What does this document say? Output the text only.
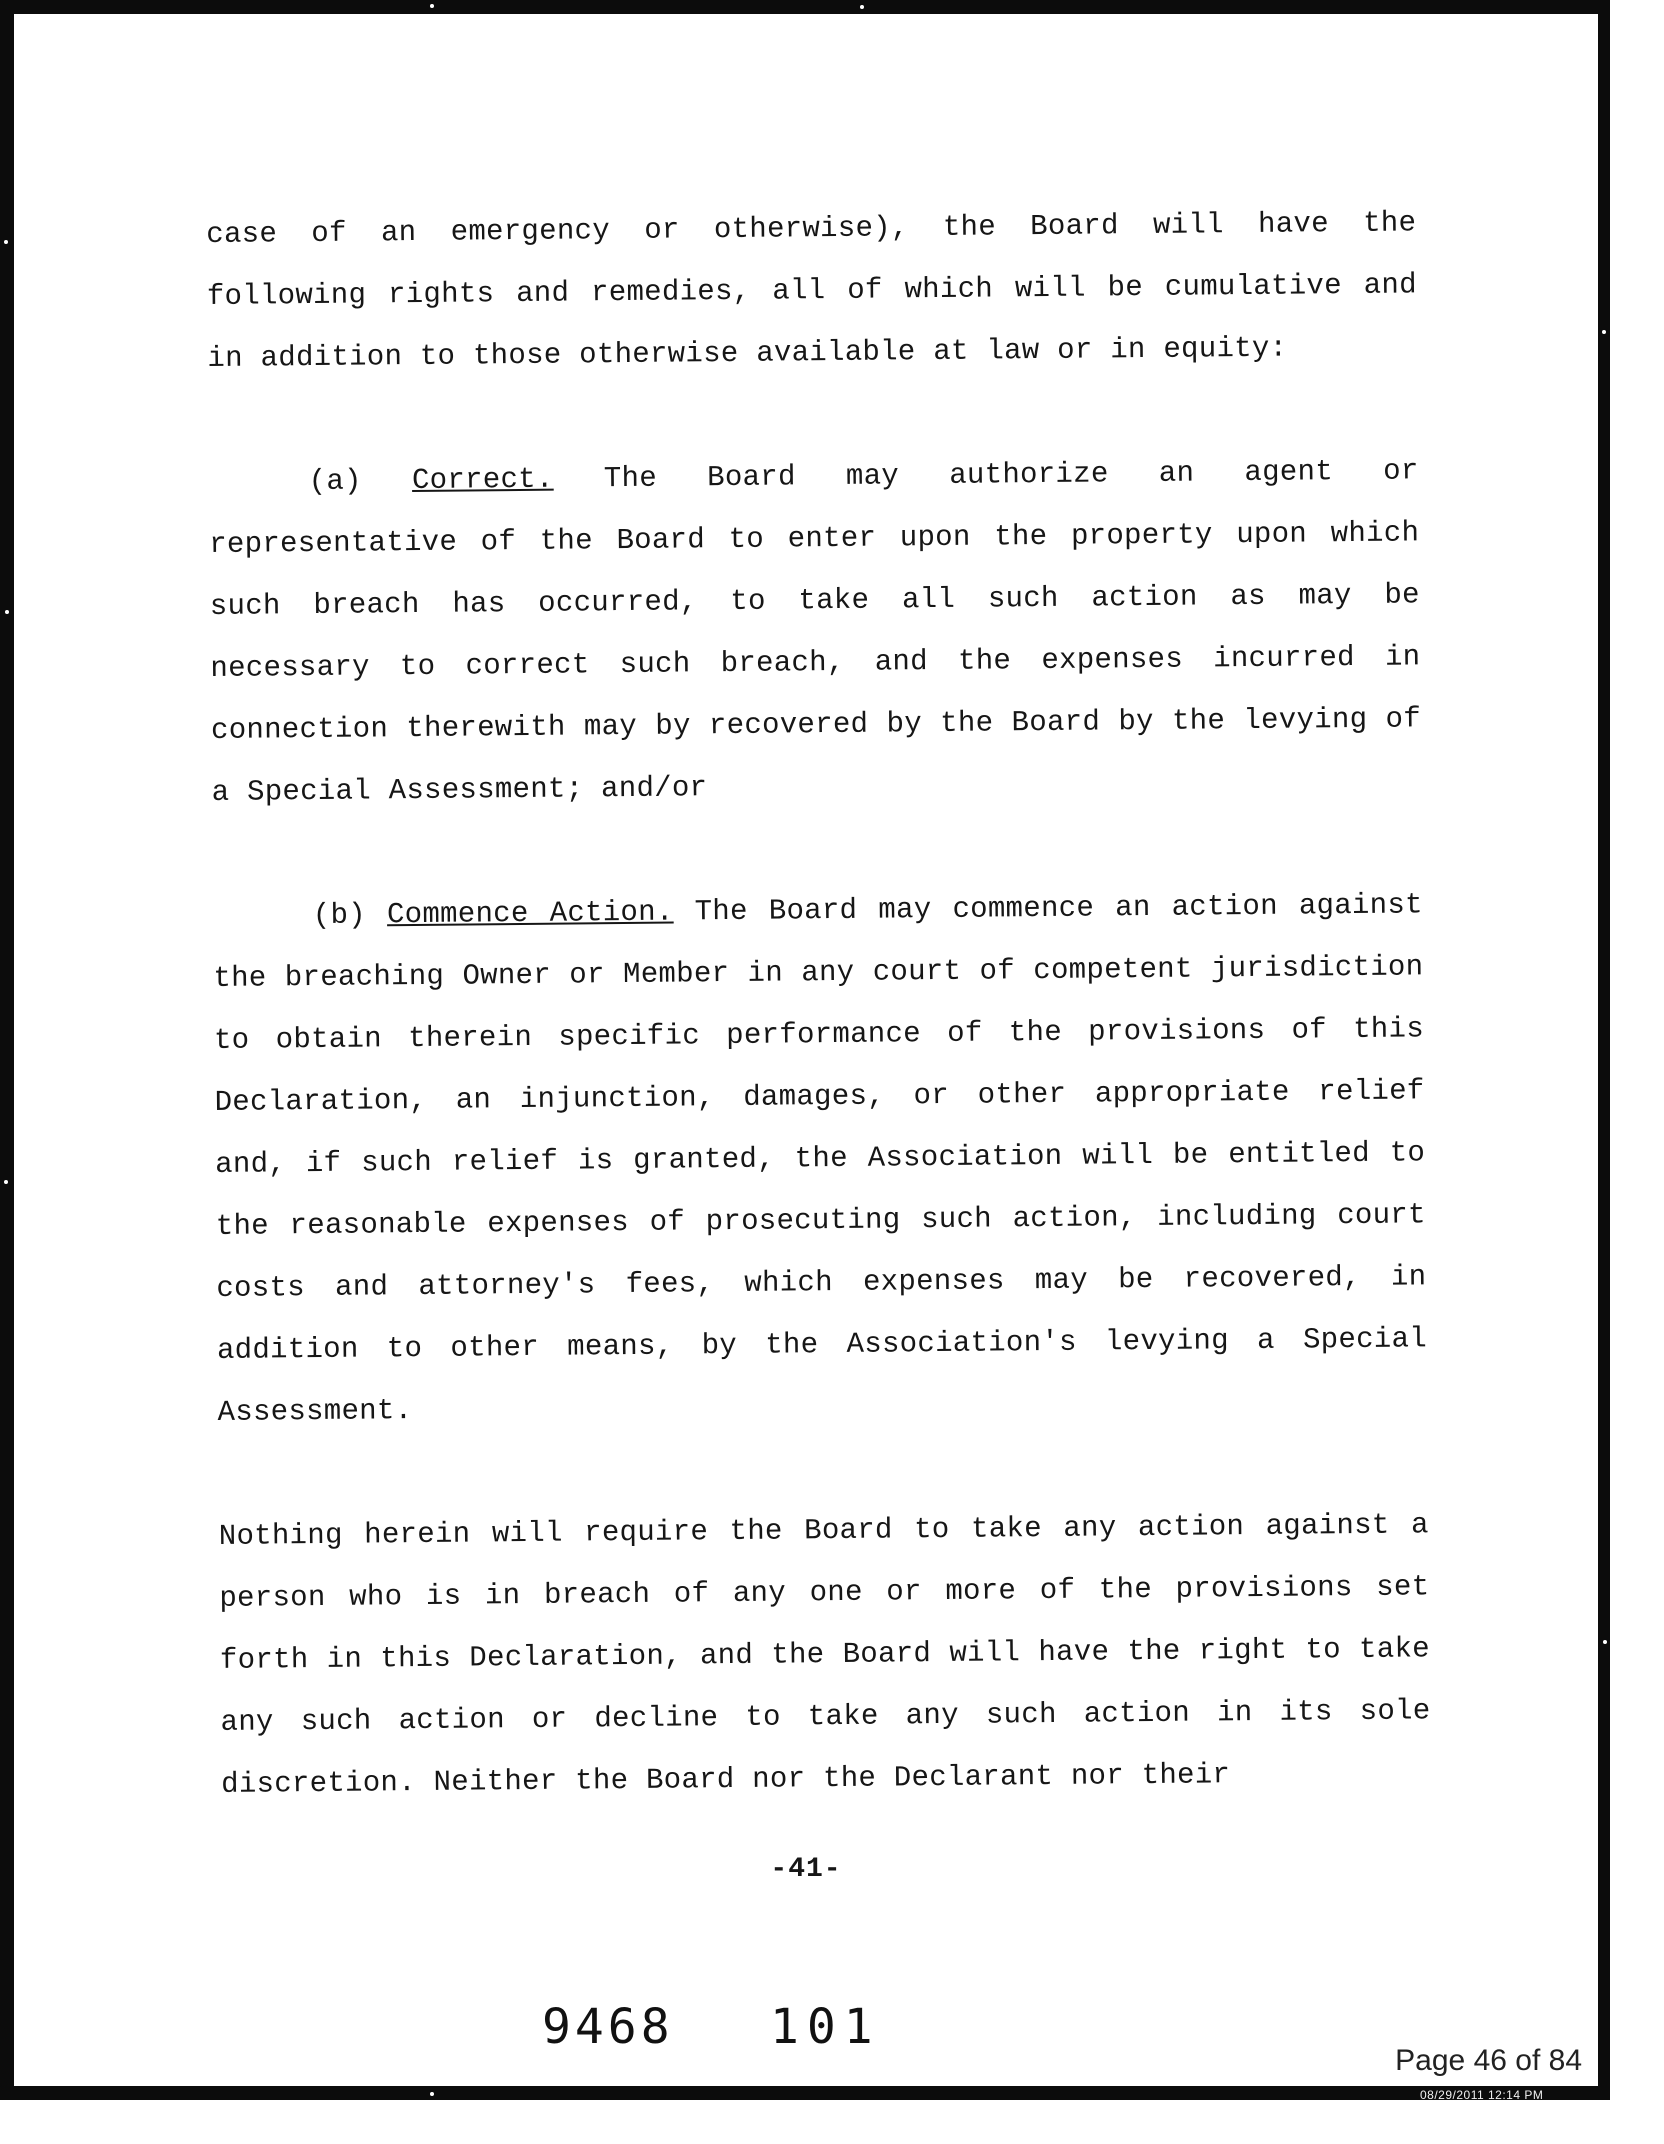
case of an emergency or otherwise), the Board will have the following rights and remedies, all of which will be cumulative and in addition to those otherwise available at law or in equity:

(a) Correct. The Board may authorize an agent or representative of the Board to enter upon the property upon which such breach has occurred, to take all such action as may be necessary to correct such breach, and the expenses incurred in connection therewith may by recovered by the Board by the levying of a Special Assessment; and/or

(b) Commence Action. The Board may commence an action against the breaching Owner or Member in any court of competent jurisdiction to obtain therein specific performance of the provisions of this Declaration, an injunction, damages, or other appropriate relief and, if such relief is granted, the Association will be entitled to the reasonable expenses of prosecuting such action, including court costs and attorney's fees, which expenses may be recovered, in addition to other means, by the Association's levying a Special Assessment.

Nothing herein will require the Board to take any action against a person who is in breach of any one or more of the provisions set forth in this Declaration, and the Board will have the right to take any such action or decline to take any such action in its sole discretion. Neither the Board nor the Declarant nor their

-41-
9468 101
Page 46 of 84
08/29/2011 12:14 PM
